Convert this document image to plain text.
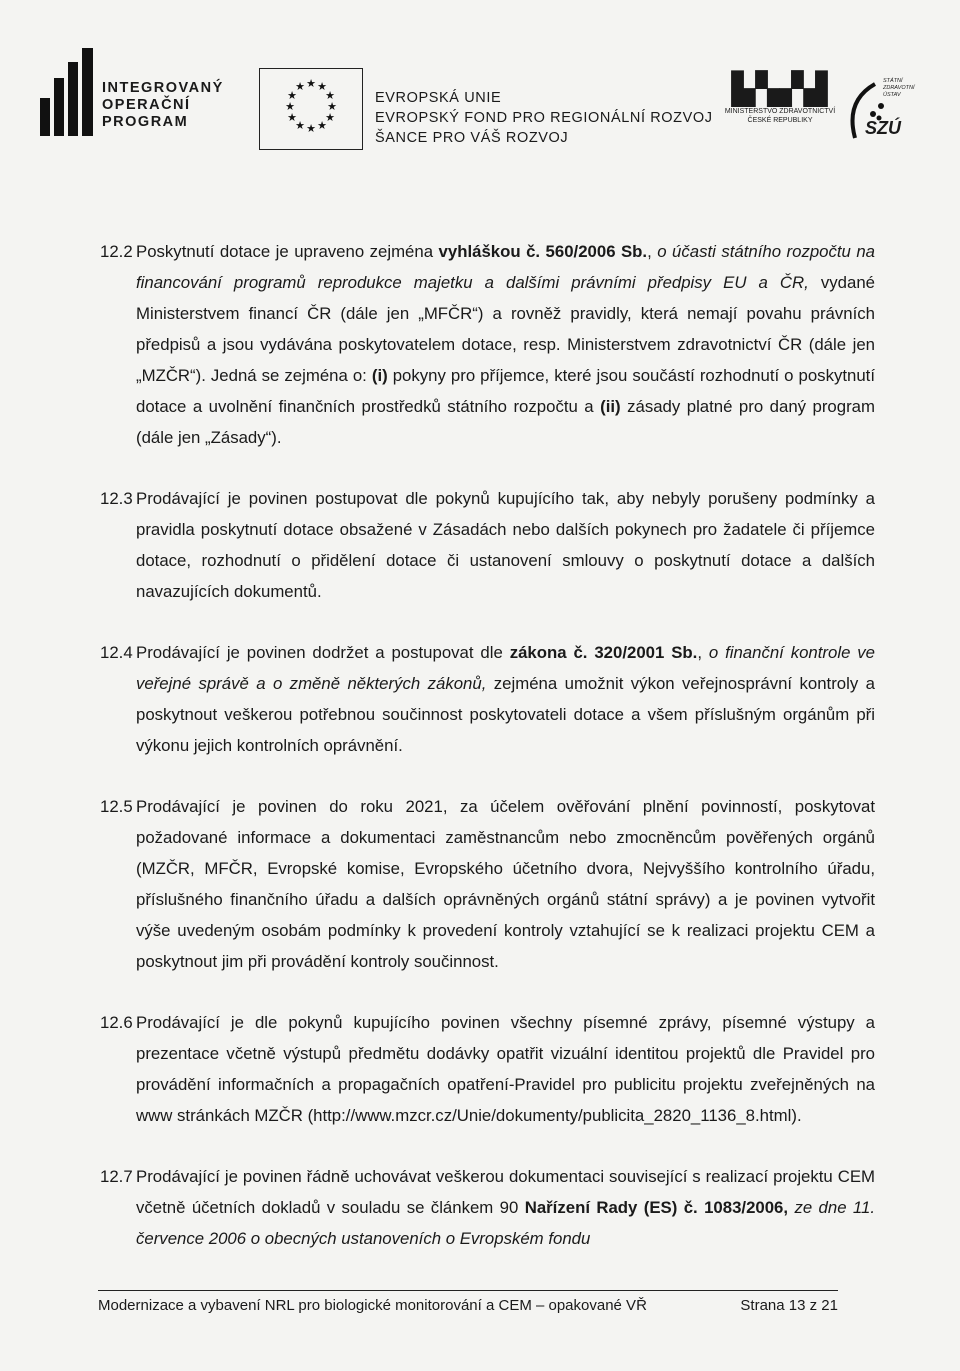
INTEGROVANÝ
OPERAČNÍ
PROGRAM
★ ★
★
★
★
★
★
★
★
★
★ ★
EVROPSKÁ UNIE
EVROPSKÝ FOND PRO REGIONÁLNÍ ROZVOJ
ŠANCE PRO VÁŠ ROZVOJ
▙▚▞▟
MINISTERSTVO ZDRAVOTNICTVÍ
ČESKÉ REPUBLIKY
STÁTNÍ
ZDRAVOTNÍ
ÚSTAV
SZÚ
12.2 Poskytnutí dotace je upraveno zejména vyhláškou č. 560/2006 Sb., o účasti státního rozpočtu na financování programů reprodukce majetku a dalšími právními předpisy EU a ČR, vydané Ministerstvem financí ČR (dále jen „MFČR“) a rovněž pravidly, která nemají povahu právních předpisů a jsou vydávána poskytovatelem dotace, resp. Ministerstvem zdravotnictví ČR (dále jen „MZČR“). Jedná se zejména o: (i) pokyny pro příjemce, které jsou součástí rozhodnutí o poskytnutí dotace a uvolnění finančních prostředků státního rozpočtu a (ii) zásady platné pro daný program (dále jen „Zásady“).

12.3 Prodávající je povinen postupovat dle pokynů kupujícího tak, aby nebyly porušeny podmínky a pravidla poskytnutí dotace obsažené v Zásadách nebo dalších pokynech pro žadatele či příjemce dotace, rozhodnutí o přidělení dotace či ustanovení smlouvy o poskytnutí dotace a dalších navazujících dokumentů.

12.4 Prodávající je povinen dodržet a postupovat dle zákona č. 320/2001 Sb., o finanční kontrole ve veřejné správě a o změně některých zákonů, zejména umožnit výkon veřejnosprávní kontroly a poskytnout veškerou potřebnou součinnost poskytovateli dotace a všem příslušným orgánům při výkonu jejich kontrolních oprávnění.

12.5 Prodávající je povinen do roku 2021, za účelem ověřování plnění povinností, poskytovat požadované informace a dokumentaci zaměstnancům nebo zmocněncům pověřených orgánů (MZČR, MFČR, Evropské komise, Evropského účetního dvora, Nejvyššího kontrolního úřadu, příslušného finančního úřadu a dalších oprávněných orgánů státní správy) a je povinen vytvořit výše uvedeným osobám podmínky k provedení kontroly vztahující se k realizaci projektu CEM a poskytnout jim při provádění kontroly součinnost.

12.6 Prodávající je dle pokynů kupujícího povinen všechny písemné zprávy, písemné výstupy a prezentace včetně výstupů předmětu dodávky opatřit vizuální identitou projektů dle Pravidel pro provádění informačních a propagačních opatření-Pravidel pro publicitu projektu zveřejněných na www stránkách MZČR (http://www.mzcr.cz/Unie/dokumenty/publicita_2820_1136_8.html).

12.7 Prodávající je povinen řádně uchovávat veškerou dokumentaci související s realizací projektu CEM včetně účetních dokladů v souladu se článkem 90 Nařízení Rady (ES) č. 1083/2006, ze dne 11. července 2006 o obecných ustanoveních o Evropském fondu

Modernizace a vybavení NRL pro biologické monitorování a CEM – opakované VŘ	Strana 13 z 21
